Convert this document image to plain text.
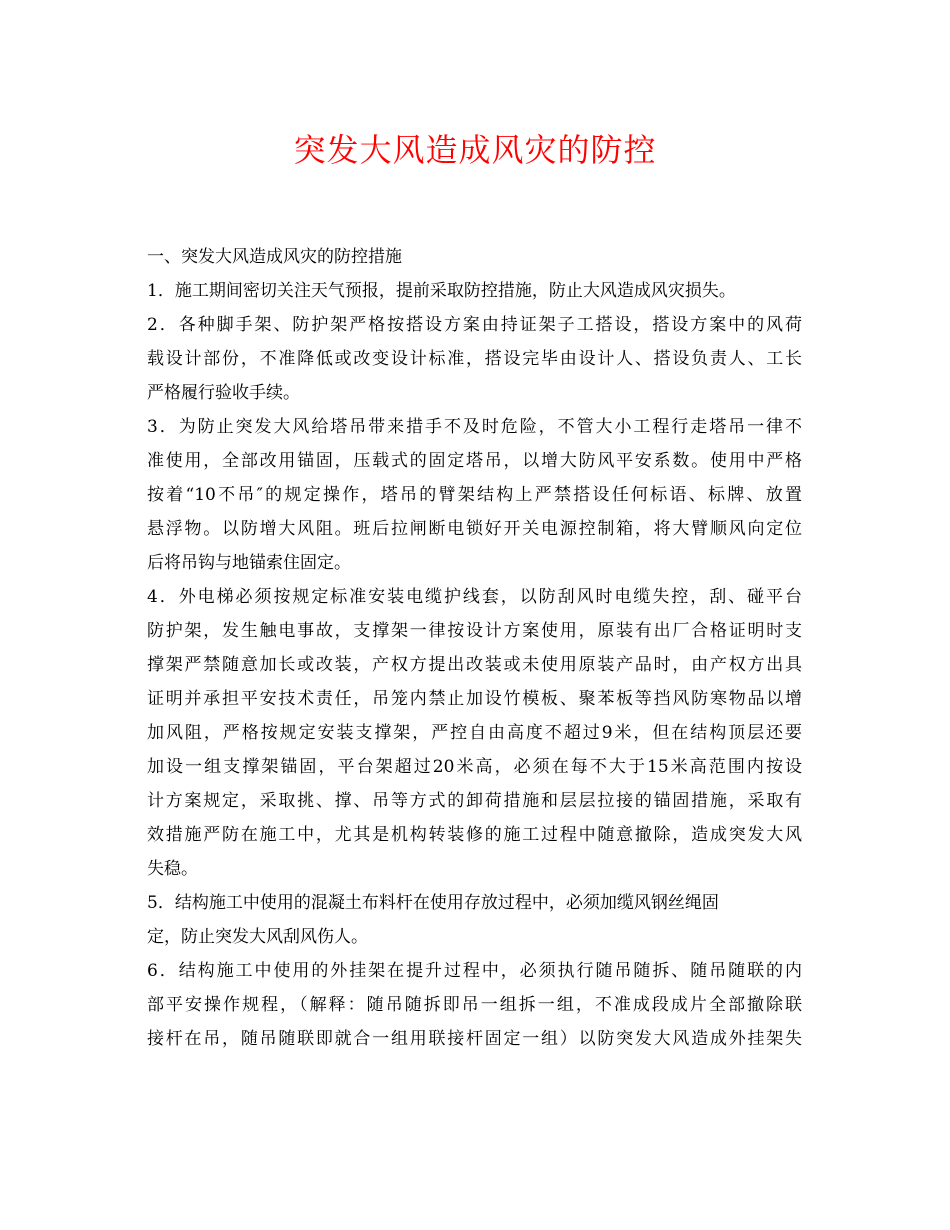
突发大风造成风灾的防控
一、突发大风造成风灾的防控措施
1．施工期间密切关注天气预报，提前采取防控措施，防止大风造成风灾损失。
2．各种脚手架、防护架严格按搭设方案由持证架子工搭设，搭设方案中的风荷
载设计部份，不准降低或改变设计标准，搭设完毕由设计人、搭设负责人、工长
严格履行验收手续。
3．为防止突发大风给塔吊带来措手不及时危险，不管大小工程行走塔吊一律不
准使用，全部改用锚固，压载式的固定塔吊，以增大防风平安系数。使用中严格
按着“10不吊″的规定操作，塔吊的臂架结构上严禁搭设任何标语、标牌、放置
悬浮物。以防增大风阻。班后拉闸断电锁好开关电源控制箱，将大臂顺风向定位
后将吊钩与地锚索住固定。
4．外电梯必须按规定标准安装电缆护线套，以防刮风时电缆失控，刮、碰平台
防护架，发生触电事故，支撑架一律按设计方案使用，原装有出厂合格证明时支
撑架严禁随意加长或改装，产权方提出改装或未使用原装产品时，由产权方出具
证明并承担平安技术责任，吊笼内禁止加设竹模板、聚苯板等挡风防寒物品以增
加风阻，严格按规定安装支撑架，严控自由高度不超过9米，但在结构顶层还要
加设一组支撑架锚固，平台架超过20米高，必须在每不大于15米高范围内按设
计方案规定，采取挑、撑、吊等方式的卸荷措施和层层拉接的锚固措施，采取有
效措施严防在施工中，尤其是机构转装修的施工过程中随意撤除，造成突发大风
失稳。
5．结构施工中使用的混凝土布料杆在使用存放过程中，必须加缆风钢丝绳固
定，防止突发大风刮风伤人。
6．结构施工中使用的外挂架在提升过程中，必须执行随吊随拆、随吊随联的内
部平安操作规程，（解释：随吊随拆即吊一组拆一组，不准成段成片全部撤除联
接杆在吊，随吊随联即就合一组用联接杆固定一组）以防突发大风造成外挂架失
